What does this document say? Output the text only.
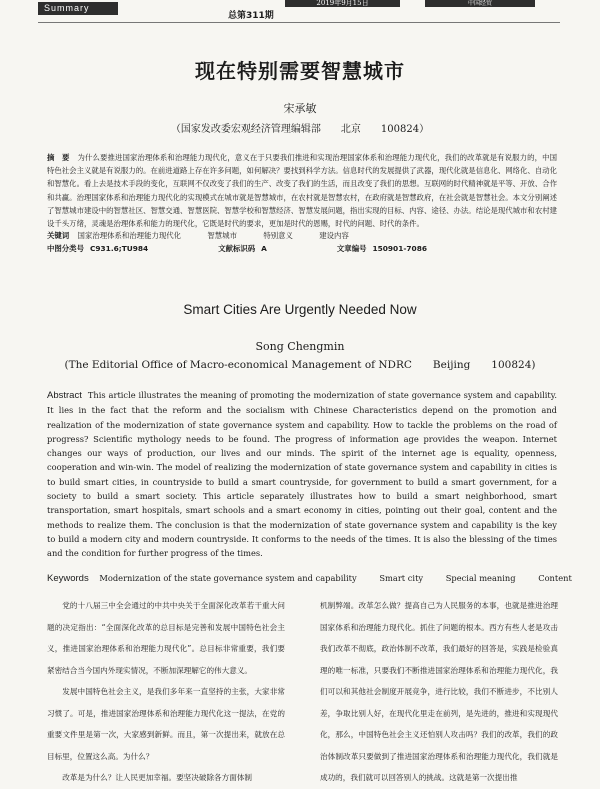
Summary	2019年9月15日	中国经贸
总第311期
现在特别需要智慧城市
宋承敏
（国家发改委宏观经济管理编辑部　　北京　　100824）
摘　要 为什么要推进国家治理体系和治理能力现代化，意义在于只要我们推进和实现治理国家体系和治理能力现代化，我们的改革就是有说服力的，中国特色社会主义就是有说服力的。在前进道路上存在许多问题，如何解决？要找到科学方法。信息时代的发展提供了武器，现代化就是信息化、网络化、自动化和智慧化。看上去是技术手段的变化，互联网不仅改变了我们的生产、改变了我们的生活，而且改变了我们的思想。互联网的时代精神就是平等、开放、合作和共赢。治理国家体系和治理能力现代化的实现模式在城市就是智慧城市，在农村就是智慧农村，在政府就是智慧政府，在社会就是智慧社会。本文分别阐述了智慧城市建设中的智慧社区、智慧交通、智慧医院、智慧学校和智慧经济、智慧发展问题，指出实现的目标、内容、途径、办法。结论是现代城市和农村建设千头万绪，灵魂是治理体系和能力的现代化，它既是时代的要求，更加是时代的恩赐，时代的问题、时代的条件。
关键词 国家治理体系和治理能力现代化	智慧城市	特别意义	建设内容
中图分类号 C931.6;TU984	文献标识码 A	文章编号 150901-7086
Smart Cities Are Urgently Needed Now
Song Chengmin
(The Editorial Office of Macro-economical Management of NDRC　　Beijing　　100824)
Abstract This article illustrates the meaning of promoting the modernization of state governance system and capability. It lies in the fact that the reform and the socialism with Chinese Characteristics depend on the promotion and realization of the modernization of state governance system and capability. How to tackle the problems on the road of progress? Scientific mythology needs to be found. The progress of information age provides the weapon. Internet changes our ways of production, our lives and our minds. The spirit of the internet age is equality, openness, cooperation and win-win. The model of realizing the modernization of state governance system and capability in cities is to build smart cities, in countryside to build a smart countryside, for government to build a smart government, for a society to build a smart society. This article separately illustrates how to build a smart neighborhood, smart transportation, smart hospitals, smart schools and a smart economy in cities, pointing out their goal, content and the methods to realize them. The conclusion is that the modernization of state governance system and capability is the key to build a modern city and modern countryside. It conforms to the needs of the times. It is also the blessing of the times and the condition for further progress of the times.
Keywords Modernization of the state governance system and capability	Smart city	Special meaning	Content

党的十八届三中全会通过的中共中央关于全面深化改革若干重大问题的决定指出：“全面深化改革的总目标是完善和发展中国特色社会主义，推进国家治理体系和治理能力现代化”。总目标非常重要，我们要紧密结合当今国内外现实情况，不断加深理解它的伟大意义。

发展中国特色社会主义，是我们多年来一直坚持的主张，大家非常习惯了。可是，推进国家治理体系和治理能力现代化这一提法，在党的重要文件里是第一次，大家感到新鲜。而且，第一次提出来，就放在总目标里，位置这么高。为什么？

改革是为什么？让人民更加幸福。要坚决破除各方面体制

机制弊端。改革怎么做？提高自己为人民服务的本事，也就是推进治理国家体系和治理能力现代化。抓住了问题的根本。西方有些人老是攻击我们改革不彻底，政治体制不改革，我们最好的回答是，实践是检验真理的唯一标准，只要我们不断推进国家治理体系和治理能力现代化，我们可以和其他社会制度开展竞争，进行比较，我们不断进步，不比别人差，争取比别人好，在现代化里走在前列，是先进的，推进和实现现代化，那么，中国特色社会主义还怕别人攻击吗？我们的改革，我们的政治体制改革只要做到了推进国家治理体系和治理能力现代化，我们就是成功的，我们就可以回答别人的挑战。这就是第一次提出推
